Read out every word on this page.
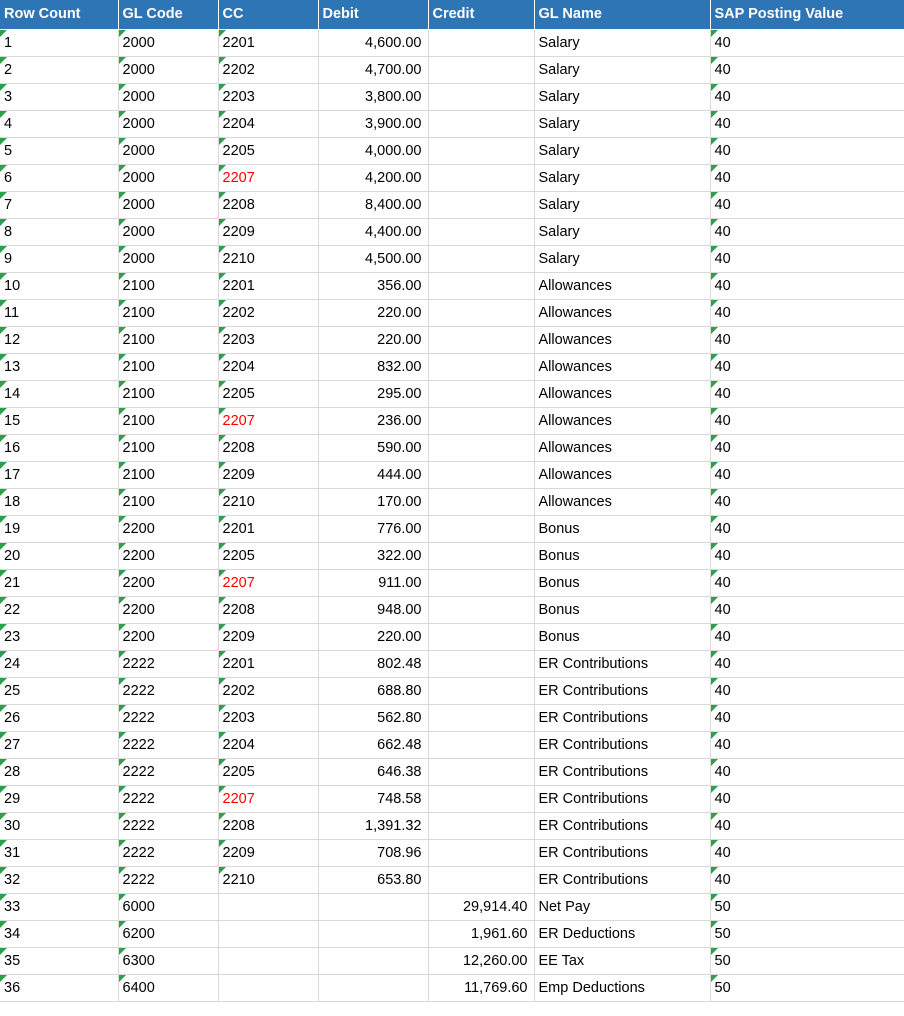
Row Count	GL Code	CC	Debit	Credit	GL Name	SAP Posting Value
1	2000	2201	4,600.00		Salary	40
2	2000	2202	4,700.00		Salary	40
3	2000	2203	3,800.00		Salary	40
4	2000	2204	3,900.00		Salary	40
5	2000	2205	4,000.00		Salary	40
6	2000	2207	4,200.00		Salary	40
7	2000	2208	8,400.00		Salary	40
8	2000	2209	4,400.00		Salary	40
9	2000	2210	4,500.00		Salary	40
10	2100	2201	356.00		Allowances	40
11	2100	2202	220.00		Allowances	40
12	2100	2203	220.00		Allowances	40
13	2100	2204	832.00		Allowances	40
14	2100	2205	295.00		Allowances	40
15	2100	2207	236.00		Allowances	40
16	2100	2208	590.00		Allowances	40
17	2100	2209	444.00		Allowances	40
18	2100	2210	170.00		Allowances	40
19	2200	2201	776.00		Bonus	40
20	2200	2205	322.00		Bonus	40
21	2200	2207	911.00		Bonus	40
22	2200	2208	948.00		Bonus	40
23	2200	2209	220.00		Bonus	40
24	2222	2201	802.48		ER Contributions	40
25	2222	2202	688.80		ER Contributions	40
26	2222	2203	562.80		ER Contributions	40
27	2222	2204	662.48		ER Contributions	40
28	2222	2205	646.38		ER Contributions	40
29	2222	2207	748.58		ER Contributions	40
30	2222	2208	1,391.32		ER Contributions	40
31	2222	2209	708.96		ER Contributions	40
32	2222	2210	653.80		ER Contributions	40
33	6000			29,914.40	Net Pay	50
34	6200			1,961.60	ER Deductions	50
35	6300			12,260.00	EE Tax	50
36	6400			11,769.60	Emp Deductions	50
